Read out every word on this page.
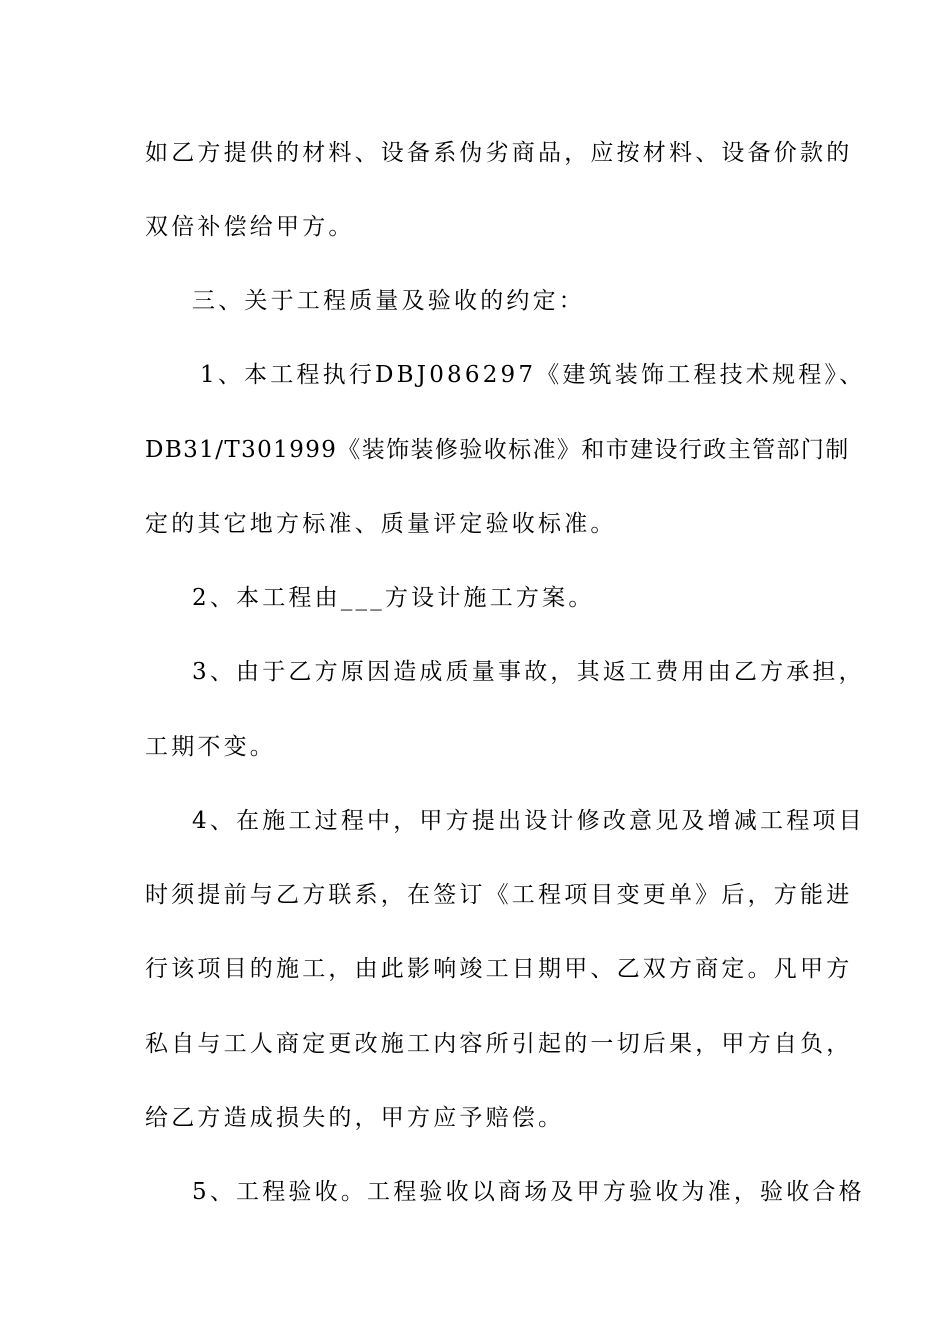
如乙方提供的材料、设备系伪劣商品，应按材料、设备价款的

双倍补偿给甲方。

三、关于工程质量及验收的约定：

1、本工程执行DBJ086297《建筑装饰工程技术规程》、

DB31/T301999《装饰装修验收标准》和市建设行政主管部门制

定的其它地方标准、质量评定验收标准。

2、本工程由___方设计施工方案。

3、由于乙方原因造成质量事故，其返工费用由乙方承担，

工期不变。

4、在施工过程中，甲方提出设计修改意见及增减工程项目

时须提前与乙方联系，在签订《工程项目变更单》后，方能进

行该项目的施工，由此影响竣工日期甲、乙双方商定。凡甲方

私自与工人商定更改施工内容所引起的一切后果，甲方自负，

给乙方造成损失的，甲方应予赔偿。

5、工程验收。工程验收以商场及甲方验收为准，验收合格
